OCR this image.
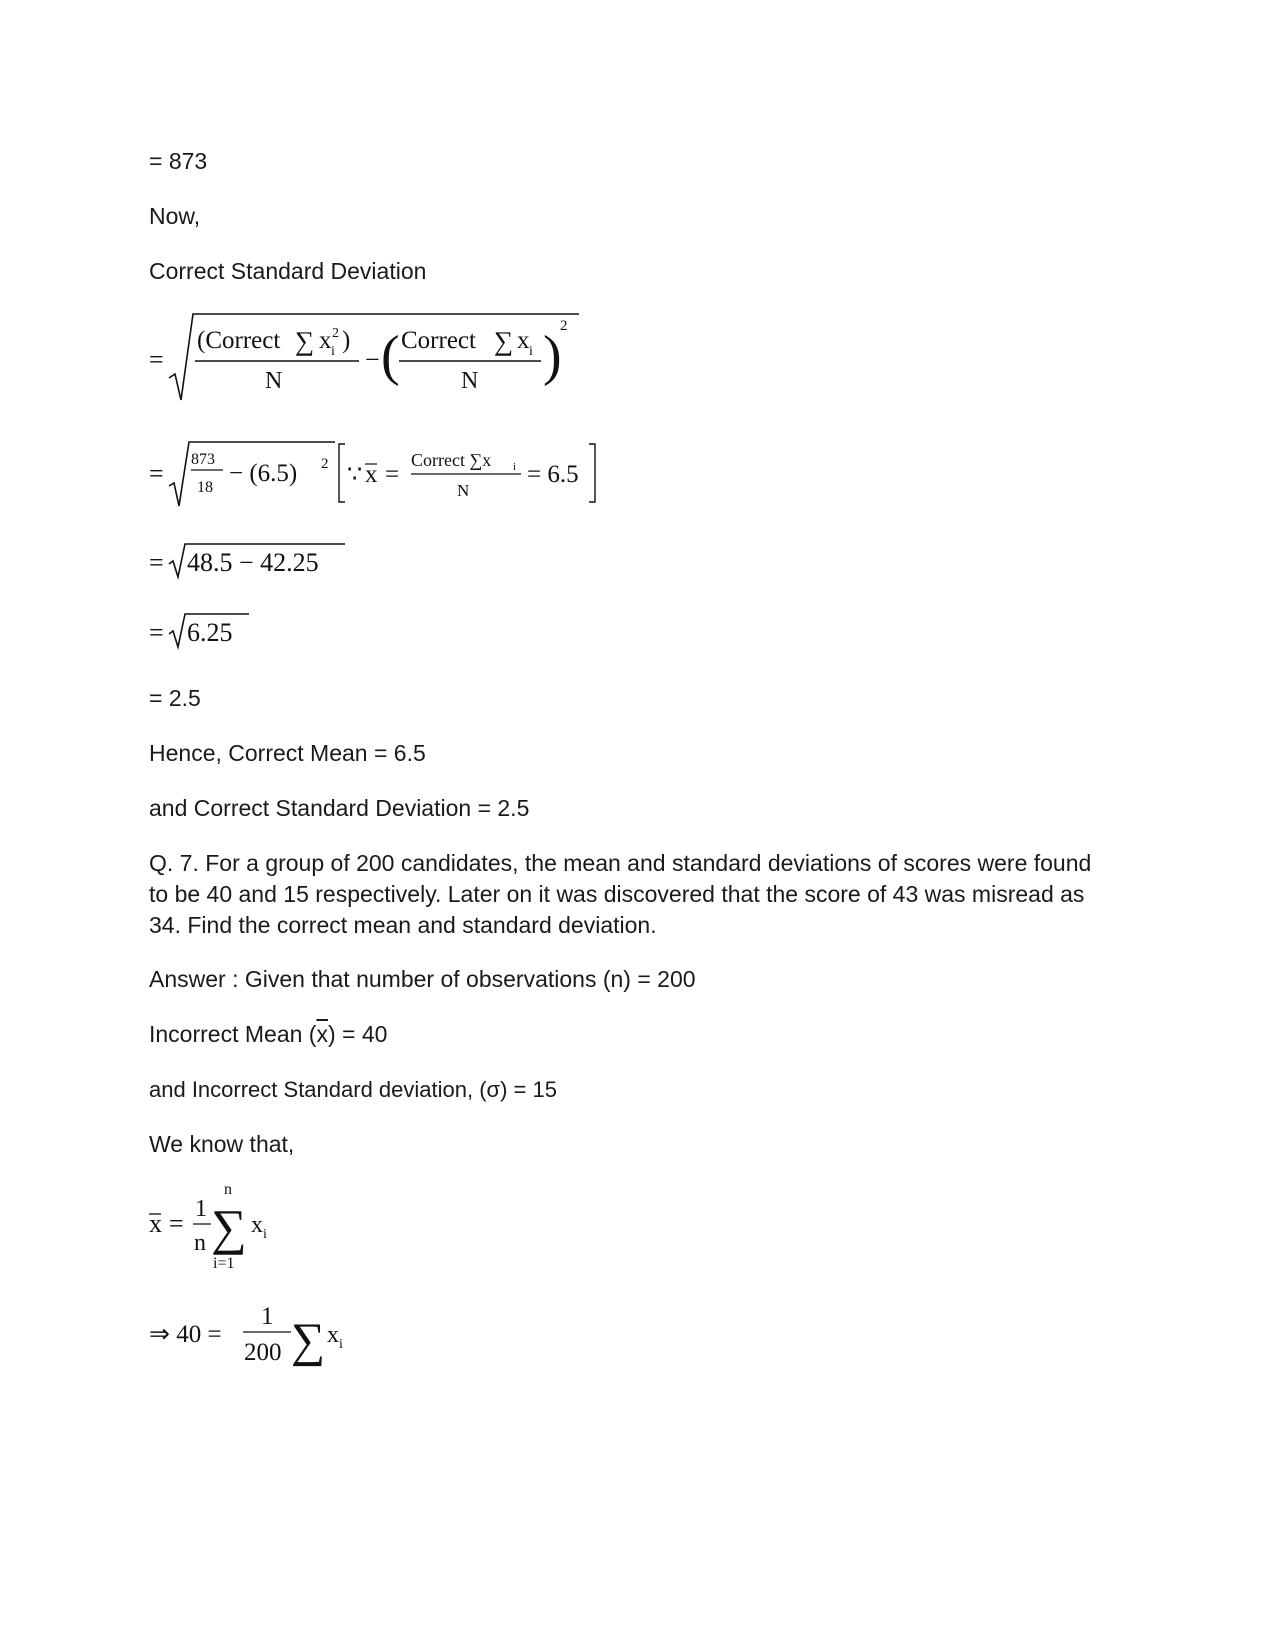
= 873
Now,
Correct Standard Deviation
=
(Correct ∑ x i
2 )
N
− ( Correct ∑ x i
N )
2
= 873
18
− (6.5) 2 ∵ x =
Correct ∑x i
N
= 6.5
= 48.5 − 42.25
= 6.25
= 2.5
Hence, Correct Mean = 6.5
and Correct Standard Deviation = 2.5
Q. 7. For a group of 200 candidates, the mean and standard deviations of scores were found to be 40 and 15 respectively. Later on it was discovered that the score of 43 was misread as 34. Find the correct mean and standard deviation.
Answer : Given that number of observations (n) = 200
Incorrect Mean $(\overline{x}) = 40$
and Incorrect Standard deviation, (σ) = 15
We know that,
x = 1
n
n
∑
i=1
x i
⇒ 40 =
1
200 ∑ x i
